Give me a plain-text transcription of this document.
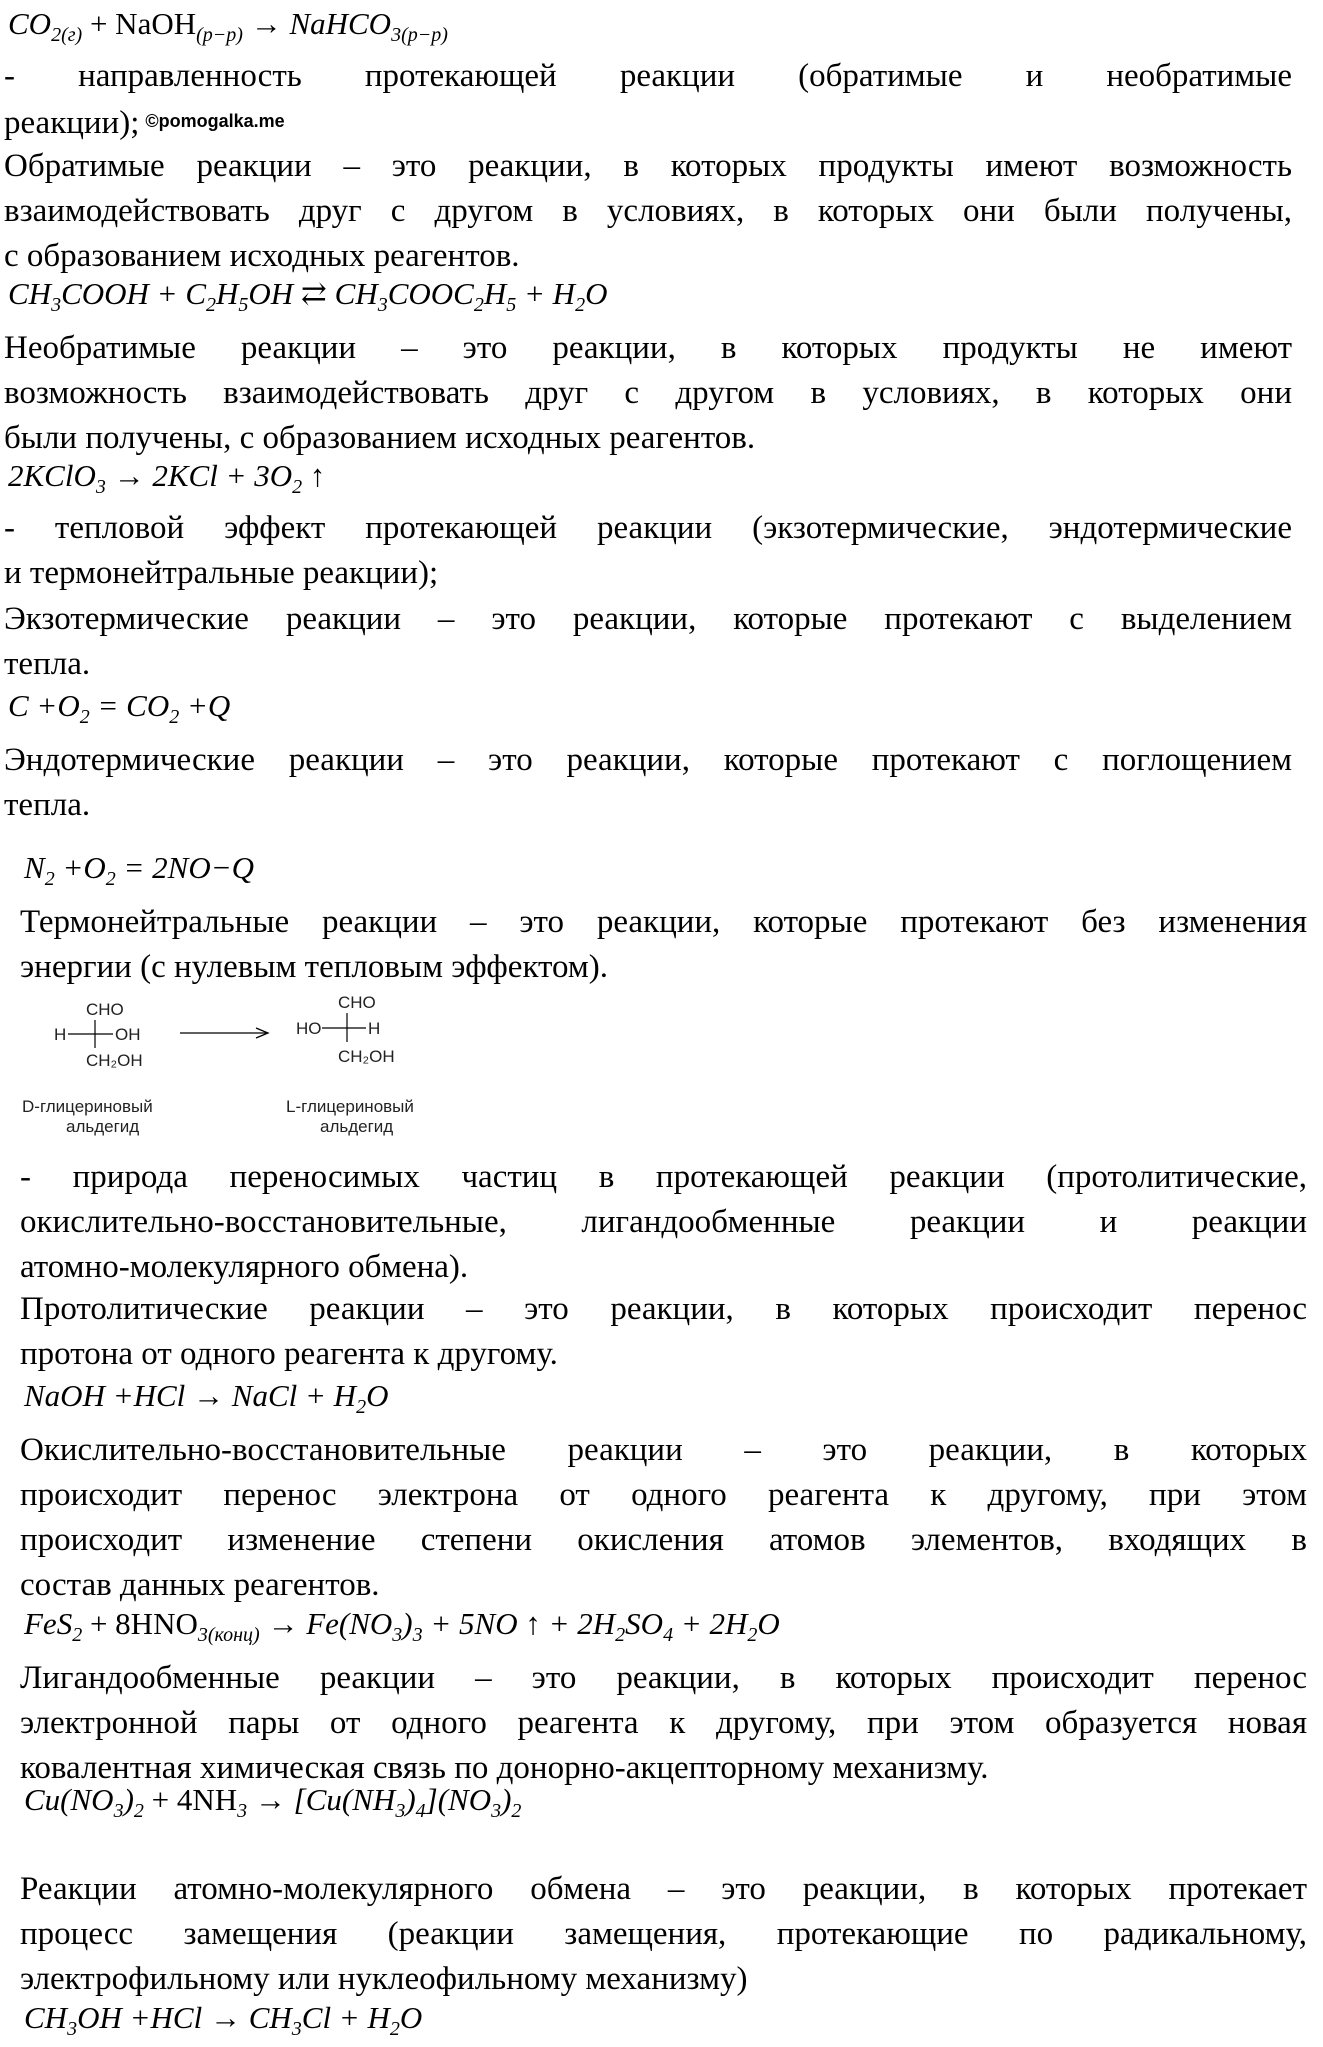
$CO_{2(г)}$ + NaOH$_{(р-р)}$ → NaHCO$_{3(р-р)}$
- направленность протекающей реакции (обратимые и необратимые
реакции); ©pomogalka.me
Обратимые реакции – это реакции, в которых продукты имеют возможность
взаимодействовать друг с другом в условиях, в которых они были получены,
с образованием исходных реагентов.
$CH_3COOH + C_2H_5OH$ ⇄ $CH_3COOC_2H_5 + H_2O$
Необратимые реакции – это реакции, в которых продукты не имеют
возможность взаимодействовать друг с другом в условиях, в которых они
были получены, с образованием исходных реагентов.
2KClO$_3$ → $2KCl + 3O_2$ ↑
- тепловой эффект протекающей реакции (экзотермические, эндотермические
и термонейтральные реакции);
Экзотермические реакции – это реакции, которые протекают с выделением
тепла.
$C +O_2 = CO_2 +Q$
Эндотермические реакции – это реакции, которые протекают с поглощением
тепла.
$N_2 +O_2 = 2NO-Q$
Термонейтральные реакции – это реакции, которые протекают без изменения
энергии (с нулевым тепловым эффектом).
CHO
H	OH
CH₂OH
D-глицериновый
альдегид
CHO
HO	H
CH₂OH
L-глицериновый
альдегид
- природа переносимых частиц в протекающей реакции (протолитические,
окислительно-восстановительные, лигандообменные реакции и реакции
атомно-молекулярного обмена).
Протолитические реакции – это реакции, в которых происходит перенос
протона от одного реагента к другому.
NaOH +HCl → NaCl + $H_2O$
Окислительно-восстановительные реакции – это реакции, в которых
происходит перенос электрона от одного реагента к другому, при этом
происходит изменение степени окисления атомов элементов, входящих в
состав данных реагентов.
$FeS_2 + 8HNO_{3(конц)} \to Fe(NO_3)_3 + 5NO$ ↑ + $2H_2SO_4 + 2H_2O$
Лигандообменные реакции – это реакции, в которых происходит перенос
электронной пары от одного реагента к другому, при этом образуется новая
ковалентная химическая связь по донорно-акцепторному механизму.
$Cu(NO_3)_2 + 4NH_3 \to [Cu(NH_3)_4](NO_3)_2$
Реакции атомно-молекулярного обмена – это реакции, в которых протекает
процесс замещения (реакции замещения, протекающие по радикальному,
электрофильному или нуклеофильному механизму)
$CH_3OH +HCl \to CH_3Cl + H_2O$
